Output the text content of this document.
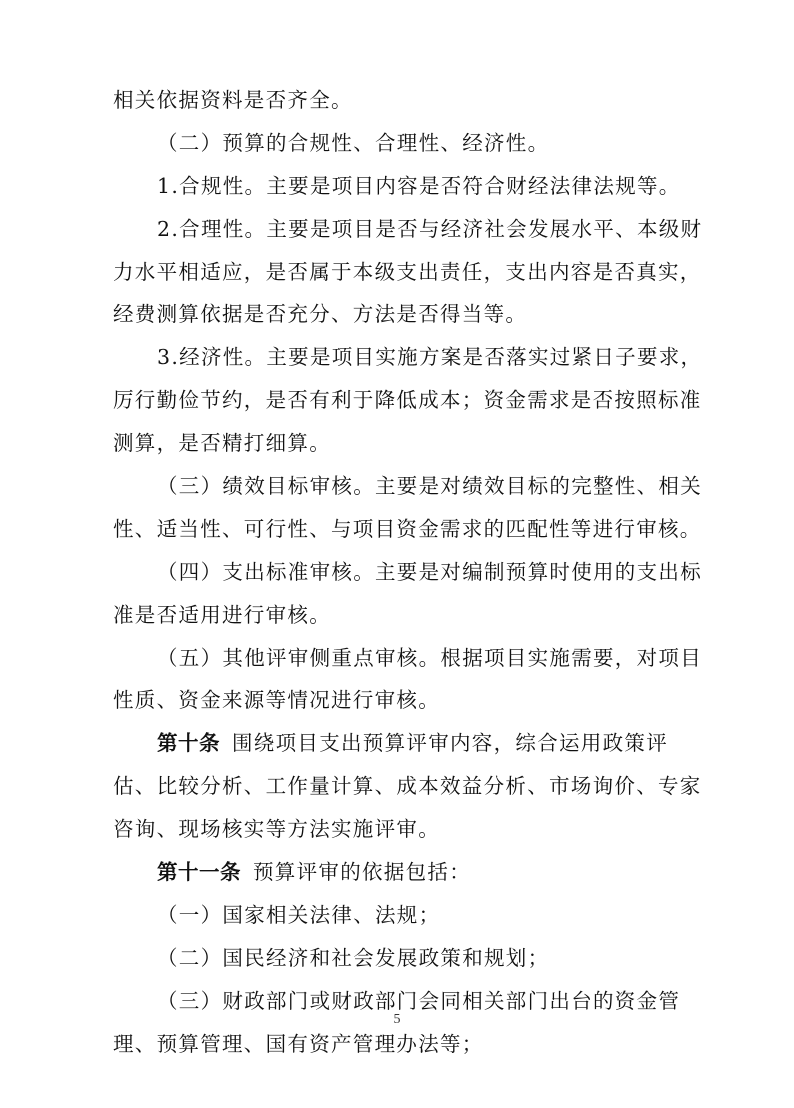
相关依据资料是否齐全。
（二）预算的合规性、合理性、经济性。
1.合规性。主要是项目内容是否符合财经法律法规等。
2.合理性。主要是项目是否与经济社会发展水平、本级财
力水平相适应，是否属于本级支出责任，支出内容是否真实，
经费测算依据是否充分、方法是否得当等。
3.经济性。主要是项目实施方案是否落实过紧日子要求，
厉行勤俭节约，是否有利于降低成本；资金需求是否按照标准
测算，是否精打细算。
（三）绩效目标审核。主要是对绩效目标的完整性、相关
性、适当性、可行性、与项目资金需求的匹配性等进行审核。
（四）支出标准审核。主要是对编制预算时使用的支出标
准是否适用进行审核。
（五）其他评审侧重点审核。根据项目实施需要，对项目
性质、资金来源等情况进行审核。
第十条 围绕项目支出预算评审内容，综合运用政策评
估、比较分析、工作量计算、成本效益分析、市场询价、专家
咨询、现场核实等方法实施评审。
第十一条 预算评审的依据包括：
（一）国家相关法律、法规；
（二）国民经济和社会发展政策和规划；
（三）财政部门或财政部门会同相关部门出台的资金管
理、预算管理、国有资产管理办法等；
5
